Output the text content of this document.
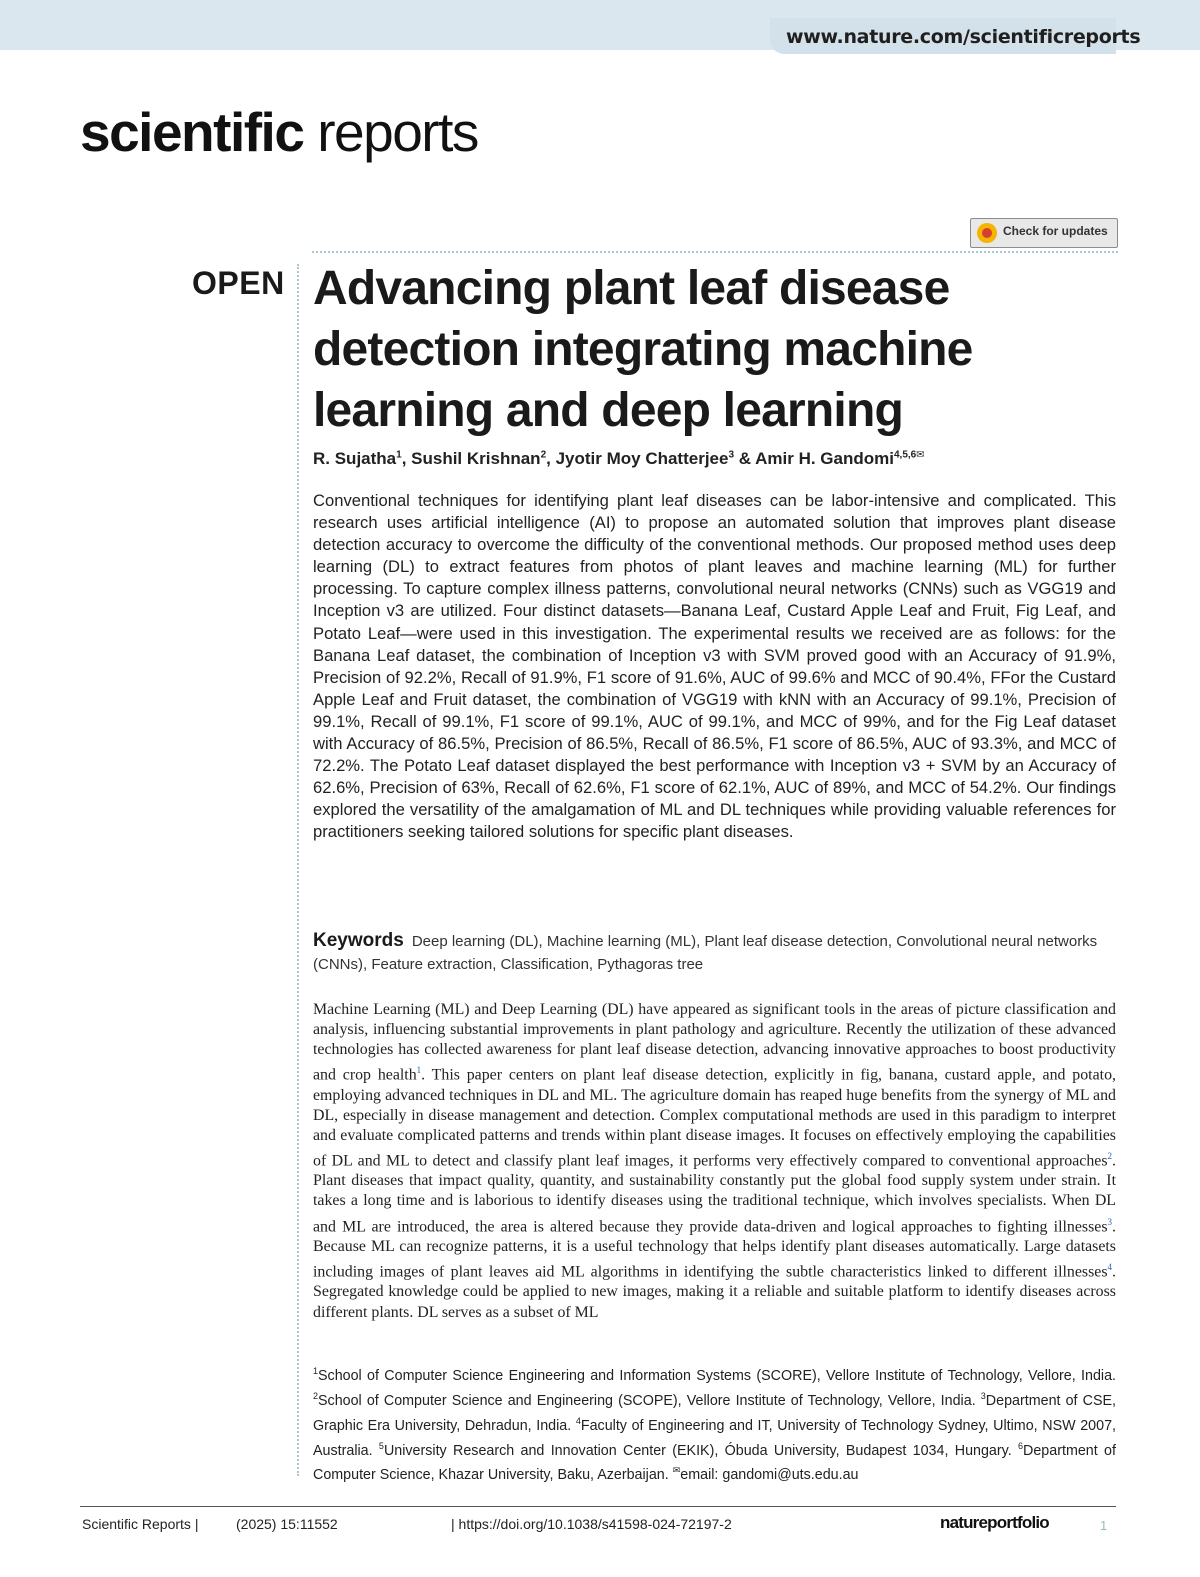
www.nature.com/scientificreports
scientific reports
Check for updates
OPEN Advancing plant leaf disease detection integrating machine learning and deep learning
R. Sujatha$^1$, Sushil Krishnan$^2$, Jyotir Moy Chatterjee$^3$ & Amir H. Gandomi$^{4,5,6✉}$

Conventional techniques for identifying plant leaf diseases can be labor-intensive and complicated. This research uses artificial intelligence (AI) to propose an automated solution that improves plant disease detection accuracy to overcome the difficulty of the conventional methods. Our proposed method uses deep learning (DL) to extract features from photos of plant leaves and machine learning (ML) for further processing. To capture complex illness patterns, convolutional neural networks (CNNs) such as VGG19 and Inception v3 are utilized. Four distinct datasets—Banana Leaf, Custard Apple Leaf and Fruit, Fig Leaf, and Potato Leaf—were used in this investigation. The experimental results we received are as follows: for the Banana Leaf dataset, the combination of Inception v3 with SVM proved good with an Accuracy of 91.9%, Precision of 92.2%, Recall of 91.9%, F1 score of 91.6%, AUC of 99.6% and MCC of 90.4%, FFor the Custard Apple Leaf and Fruit dataset, the combination of VGG19 with kNN with an Accuracy of 99.1%, Precision of 99.1%, Recall of 99.1%, F1 score of 99.1%, AUC of 99.1%, and MCC of 99%, and for the Fig Leaf dataset with Accuracy of 86.5%, Precision of 86.5%, Recall of 86.5%, F1 score of 86.5%, AUC of 93.3%, and MCC of 72.2%. The Potato Leaf dataset displayed the best performance with Inception v3 + SVM by an Accuracy of 62.6%, Precision of 63%, Recall of 62.6%, F1 score of 62.1%, AUC of 89%, and MCC of 54.2%. Our findings explored the versatility of the amalgamation of ML and DL techniques while providing valuable references for practitioners seeking tailored solutions for specific plant diseases.

Keywords Deep learning (DL), Machine learning (ML), Plant leaf disease detection, Convolutional neural networks (CNNs), Feature extraction, Classification, Pythagoras tree

Machine Learning (ML) and Deep Learning (DL) have appeared as significant tools in the areas of picture classification and analysis, influencing substantial improvements in plant pathology and agriculture. Recently the utilization of these advanced technologies has collected awareness for plant leaf disease detection, advancing innovative approaches to boost productivity and crop health$^1$. This paper centers on plant leaf disease detection, explicitly in fig, banana, custard apple, and potato, employing advanced techniques in DL and ML. The agriculture domain has reaped huge benefits from the synergy of ML and DL, especially in disease management and detection. Complex computational methods are used in this paradigm to interpret and evaluate complicated patterns and trends within plant disease images. It focuses on effectively employing the capabilities of DL and ML to detect and classify plant leaf images, it performs very effectively compared to conventional approaches$^2$. Plant diseases that impact quality, quantity, and sustainability constantly put the global food supply system under strain. It takes a long time and is laborious to identify diseases using the traditional technique, which involves specialists. When DL and ML are introduced, the area is altered because they provide data-driven and logical approaches to fighting illnesses$^3$. Because ML can recognize patterns, it is a useful technology that helps identify plant diseases automatically. Large datasets including images of plant leaves aid ML algorithms in identifying the subtle characteristics linked to different illnesses$^4$. Segregated knowledge could be applied to new images, making it a reliable and suitable platform to identify diseases across different plants. DL serves as a subset of ML

$^1$School of Computer Science Engineering and Information Systems (SCORE), Vellore Institute of Technology, Vellore, India. $^2$School of Computer Science and Engineering (SCOPE), Vellore Institute of Technology, Vellore, India. $^3$Department of CSE, Graphic Era University, Dehradun, India. $^4$Faculty of Engineering and IT, University of Technology Sydney, Ultimo, NSW 2007, Australia. $^5$University Research and Innovation Center (EKIK), Óbuda University, Budapest 1034, Hungary. $^6$Department of Computer Science, Khazar University, Baku, Azerbaijan. ✉email: gandomi@uts.edu.au

Scientific Reports |	(2025) 15:11552	| https://doi.org/10.1038/s41598-024-72197-2	natureportfolio	1
